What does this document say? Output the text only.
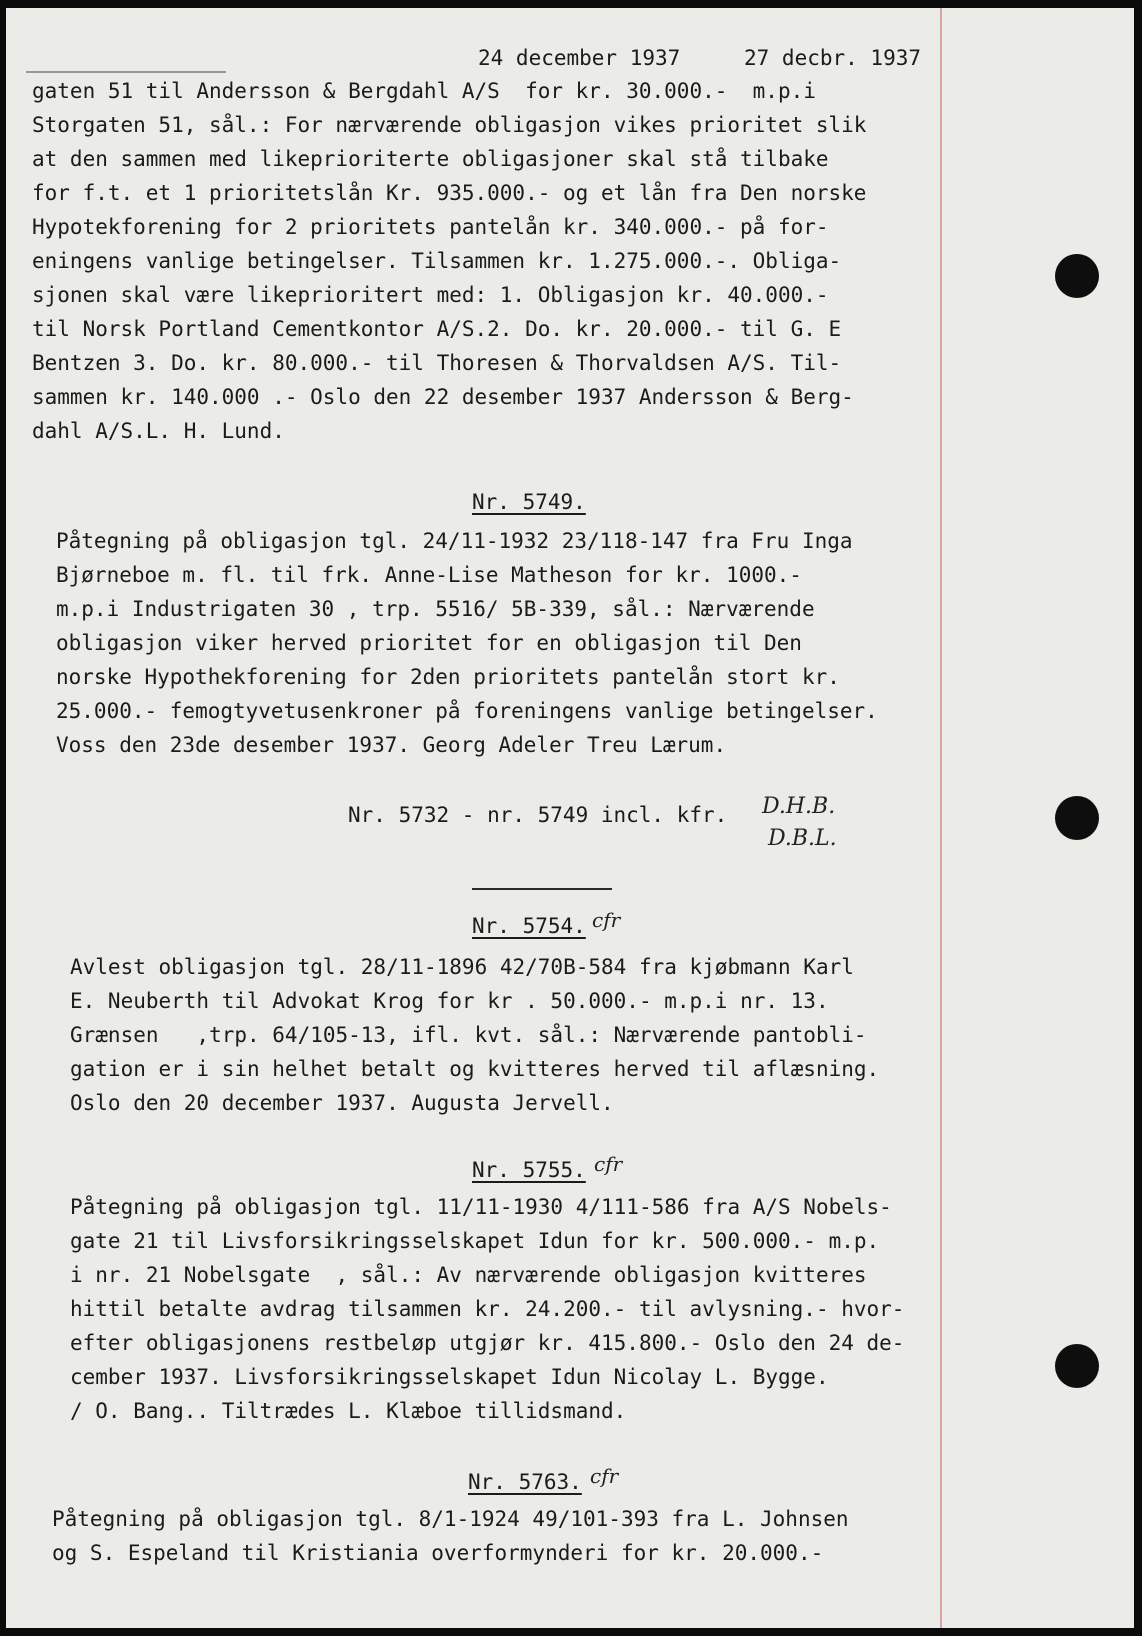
24 december 1937	27 decbr. 1937
gaten 51 til Andersson & Bergdahl A/S  for kr. 30.000.-  m.p.i
Storgaten 51, sål.: For nærværende obligasjon vikes prioritet slik
at den sammen med likeprioriterte obligasjoner skal stå tilbake
for f.t. et 1 prioritetslån Kr. 935.000.- og et lån fra Den norske
Hypotekforening for 2 prioritets pantelån kr. 340.000.- på for-
eningens vanlige betingelser. Tilsammen kr. 1.275.000.-. Obliga-
sjonen skal være likeprioritert med: 1. Obligasjon kr. 40.000.-
til Norsk Portland Cementkontor A/S.2. Do. kr. 20.000.- til G. E
Bentzen 3. Do. kr. 80.000.- til Thoresen & Thorvaldsen A/S. Til-
sammen kr. 140.000 .- Oslo den 22 desember 1937 Andersson & Berg-
dahl A/S.L. H. Lund.
Nr. 5749.
Påtegning på obligasjon tgl. 24/11-1932 23/118-147 fra Fru Inga
Bjørneboe m. fl. til frk. Anne-Lise Matheson for kr. 1000.-
m.p.i Industrigaten 30 , trp. 5516/ 5B-339, sål.: Nærværende
obligasjon viker herved prioritet for en obligasjon til Den
norske Hypothekforening for 2den prioritets pantelån stort kr.
25.000.- femogtyvetusenkroner på foreningens vanlige betingelser.
Voss den 23de desember 1937. Georg Adeler Treu Lærum.
Nr. 5732 - nr. 5749 incl. kfr. D.H.B.
D.B.L.
Nr. 5754. cfr
Avlest obligasjon tgl. 28/11-1896 42/70B-584 fra kjøbmann Karl
E. Neuberth til Advokat Krog for kr . 50.000.- m.p.i nr. 13.
Grænsen   ,trp. 64/105-13, ifl. kvt. sål.: Nærværende pantobli-
gation er i sin helhet betalt og kvitteres herved til aflæsning.
Oslo den 20 december 1937. Augusta Jervell.
Nr. 5755. cfr
Påtegning på obligasjon tgl. 11/11-1930 4/111-586 fra A/S Nobels-
gate 21 til Livsforsikringsselskapet Idun for kr. 500.000.- m.p.
i nr. 21 Nobelsgate  , sål.: Av nærværende obligasjon kvitteres
hittil betalte avdrag tilsammen kr. 24.200.- til avlysning.- hvor-
efter obligasjonens restbeløp utgjør kr. 415.800.- Oslo den 24 de-
cember 1937. Livsforsikringsselskapet Idun Nicolay L. Bygge.
/ O. Bang.. Tiltrædes L. Klæboe tillidsmand.
Nr. 5763. cfr
Påtegning på obligasjon tgl. 8/1-1924 49/101-393 fra L. Johnsen
og S. Espeland til Kristiania overformynderi for kr. 20.000.-
